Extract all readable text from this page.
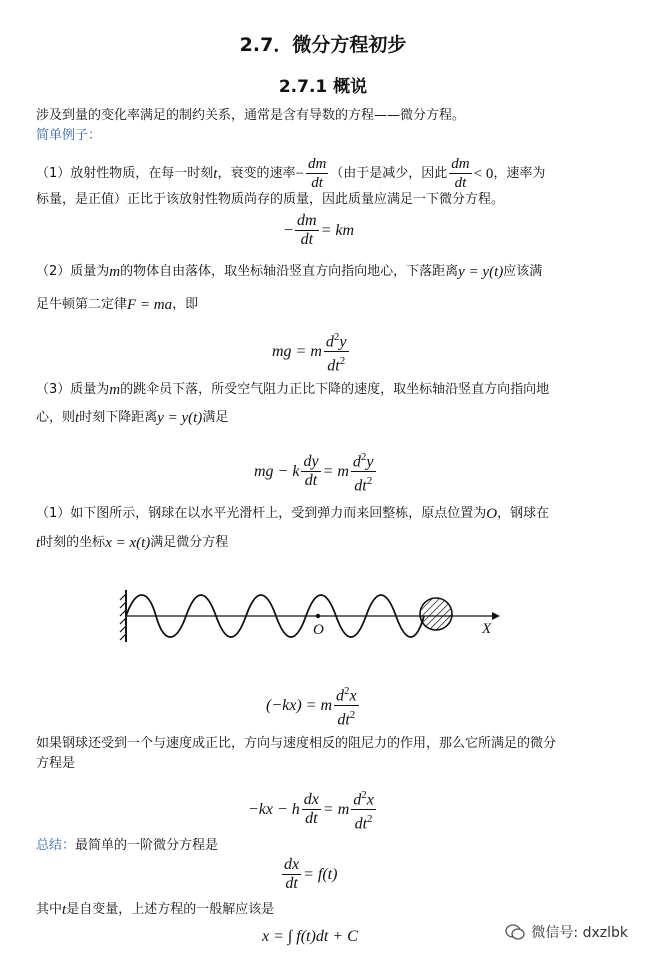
2.7．微分方程初步
2.7.1 概说
涉及到量的变化率满足的制约关系，通常是含有导数的方程——微分方程。
简单例子：
（1）放射性物质，在每一时刻 t ，衰变的速率 − $\frac{dm}{dt}$ （由于是减少，因此 $\frac{dm}{dt} < 0$ ，速率为
标量，是正值）正比于该放射性物质尚存的质量，因此质量应满足一下微分方程。
− $\frac{dm}{dt}$ = km
（2）质量为 m 的物体自由落体，取坐标轴沿竖直方向指向地心，下落距离 y = y(t) 应该满
足牛顿第二定律 F = ma ，即
mg = m $\frac{d^2y}{dt^2}$
（3）质量为 m 的跳伞员下落，所受空气阻力正比下降的速度，取坐标轴沿竖直方向指向地
心，则 t 时刻下降距离 y = y(t) 满足
mg − k $\frac{dy}{dt} = m \frac{d^2y}{dt^2}$
（1）如下图所示，钢球在以水平光滑杆上，受到弹力而来回整栋，原点位置为 O ，钢球在
t 时刻的坐标 x = x(t) 满足微分方程
O	X
(−kx) = m $\frac{d^2x}{dt^2}$
如果钢球还受到一个与速度成正比，方向与速度相反的阻尼力的作用，那么它所满足的微分
方程是
−kx − h $\frac{dx}{dt} = m \frac{d^2x}{dt^2}$
总结： 最简单的一阶微分方程是
$\frac{dx}{dt} = f(t)$
其中 t 是自变量，上述方程的一般解应该是
x = ∫ f(t)dt + C	微信号: dxzlbk
